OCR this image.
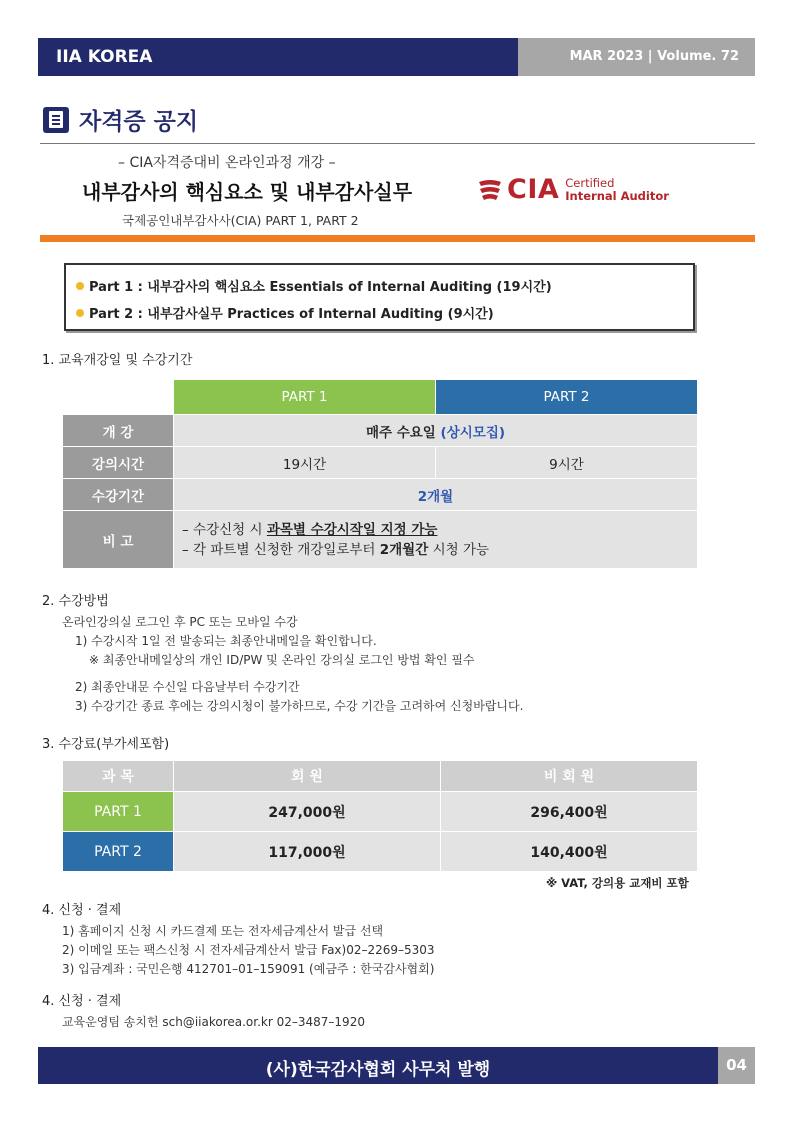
IIA KOREA	MAR 2023 | Volume. 72
자격증 공지
– CIA자격증대비 온라인과정 개강 –
내부감사의 핵심요소 및 내부감사실무
국제공인내부감사사(CIA) PART 1, PART 2
CIA Certified
Internal Auditor
Part 1 : 내부감사의 핵심요소 Essentials of Internal Auditing (19시간)
Part 2 : 내부감사실무 Practices of Internal Auditing (9시간)
1. 교육개강일 및 수강기간
	PART 1	PART 2
개 강	매주 수요일 (상시모집)	
강의시간	19시간	9시간
수강기간	2개월	
비 고	– 수강신청 시 과목별 수강시작일 지정 가능
– 각 파트별 신청한 개강일로부터 2개월간 시청 가능	
2. 수강방법
온라인강의실 로그인 후 PC 또는 모바일 수강
1) 수강시작 1일 전 발송되는 최종안내메일을 확인합니다.
※ 최종안내메일상의 개인 ID/PW 및 온라인 강의실 로그인 방법 확인 필수
2) 최종안내문 수신일 다음날부터 수강기간
3) 수강기간 종료 후에는 강의시청이 불가하므로, 수강 기간을 고려하여 신청바랍니다.
3. 수강료(부가세포함)
과 목	회 원	비 회 원
PART 1	247,000원	296,400원
PART 2	117,000원	140,400원
※ VAT, 강의용 교재비 포함
4. 신청 · 결제
1) 홈페이지 신청 시 카드결제 또는 전자세금계산서 발급 선택
2) 이메일 또는 팩스신청 시 전자세금계산서 발급 Fax)02–2269–5303
3) 입금계좌 : 국민은행 412701–01–159091 (예금주 : 한국감사협회)
4. 신청 · 결제
교육운영팀 송치헌 sch@iiakorea.or.kr 02–3487–1920
(사)한국감사협회 사무처 발행	04
